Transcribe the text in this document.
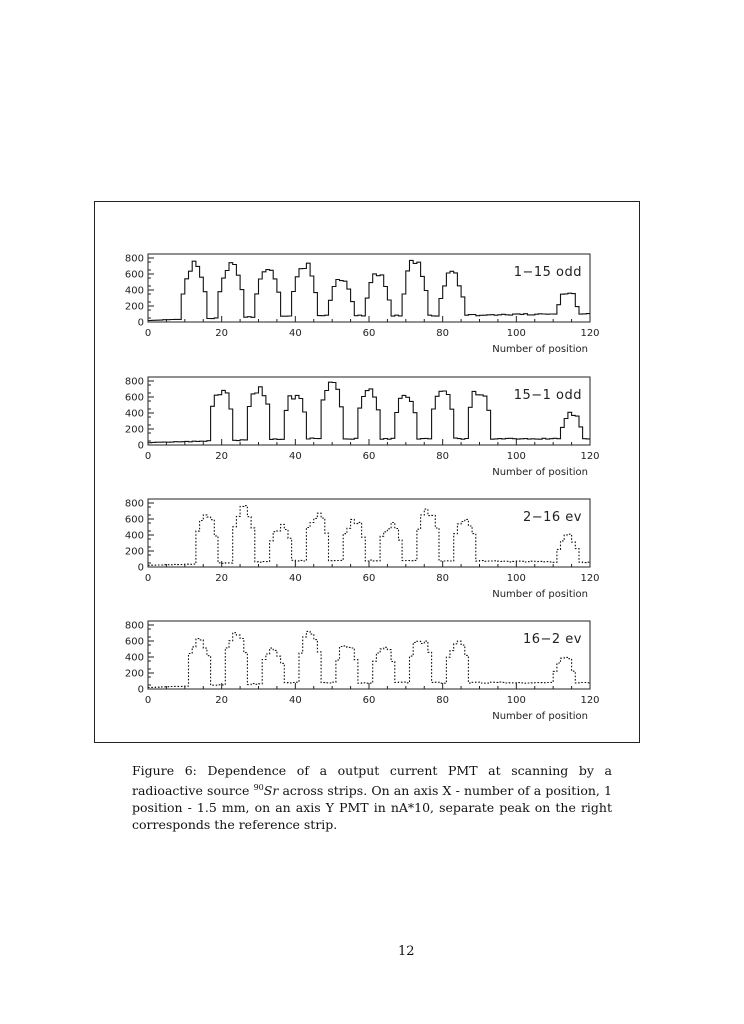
0
200
400
600
800
0	20	40	60	80	100	120
1−15 odd
Number of position
0
200
400
600
800
0	20	40	60	80	100	120
15−1 odd
Number of position
0
200
400
600
800
0	20	40	60	80	100	120
2−16 ev
Number of position
0
200
400
600
800
0	20	40	60	80	100	120
16−2 ev
Number of position
Figure 6: Dependence of a output current PMT at scanning by a radioactive source $^{90}$Sr across strips. On an axis X - number of a position, 1 position - 1.5 mm, on an axis Y PMT in nA*10, separate peak on the right corresponds the reference strip.
12
